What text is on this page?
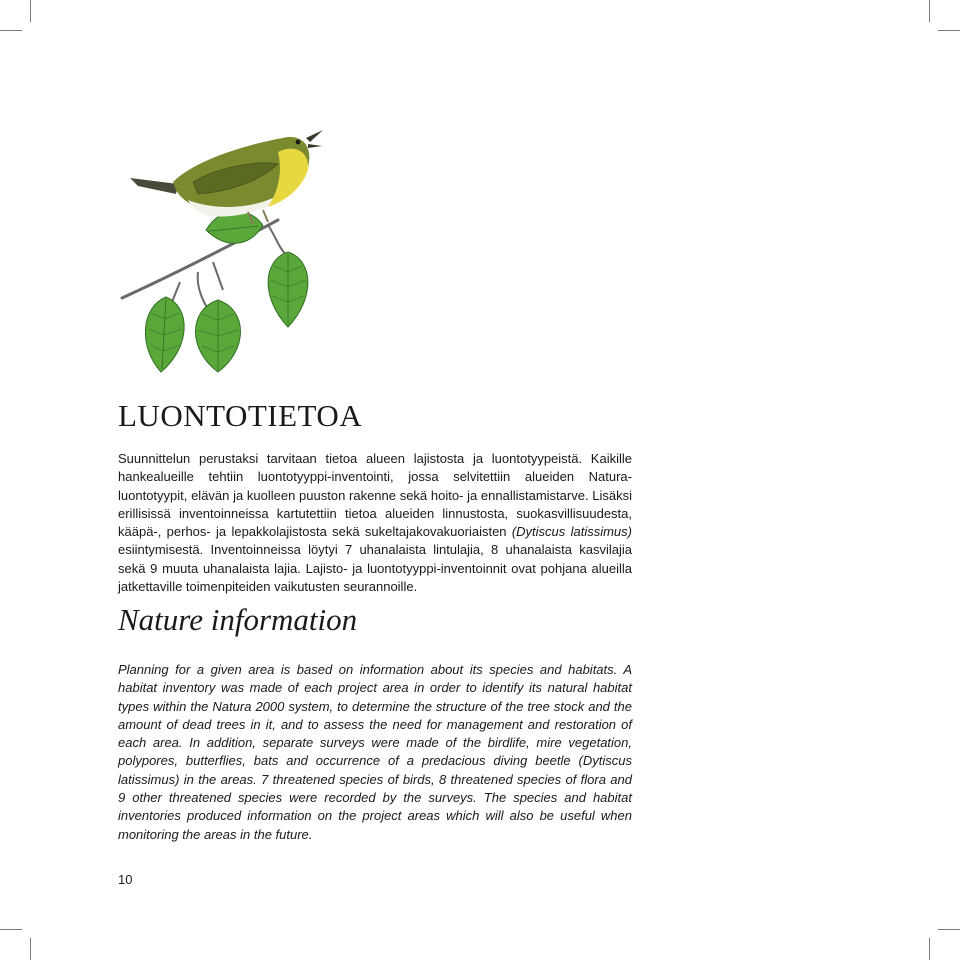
LUONTOTIETOA

Suunnittelun perustaksi tarvitaan tietoa alueen lajistosta ja luontotyypeistä. Kaikille hankealueille tehtiin luontotyyppi-inventointi, jossa selvitettiin alueiden Natura-luontotyypit, elävän ja kuolleen puuston rakenne sekä hoito- ja ennallistamistarve. Lisäksi erillisissä inventoinneissa kartutettiin tietoa alueiden linnustosta, suokasvillisuudesta, kääpä-, perhos- ja lepakkolajistosta sekä sukeltajakovakuoriaisten (Dytiscus latissimus) esiintymisestä. Inventoinneissa löytyi 7 uhanalaista lintulajia, 8 uhanalaista kasvilajia sekä 9 muuta uhanalaista lajia. Lajisto- ja luontotyyppi-inventoinnit ovat pohjana alueilla jatkettaville toimenpiteiden vaikutusten seurannoille.

Nature information

Planning for a given area is based on information about its species and habitats. A habitat inventory was made of each project area in order to identify its natural habitat types within the Natura 2000 system, to determine the structure of the tree stock and the amount of dead trees in it, and to assess the need for management and restoration of each area. In addition, separate surveys were made of the birdlife, mire vegetation, polypores, butterflies, bats and occurrence of a predacious diving beetle (Dytiscus latissimus) in the areas. 7 threatened species of birds, 8 threatened species of flora and 9 other threatened species were recorded by the surveys. The species and habitat inventories produced information on the project areas which will also be useful when monitoring the areas in the future.

10
